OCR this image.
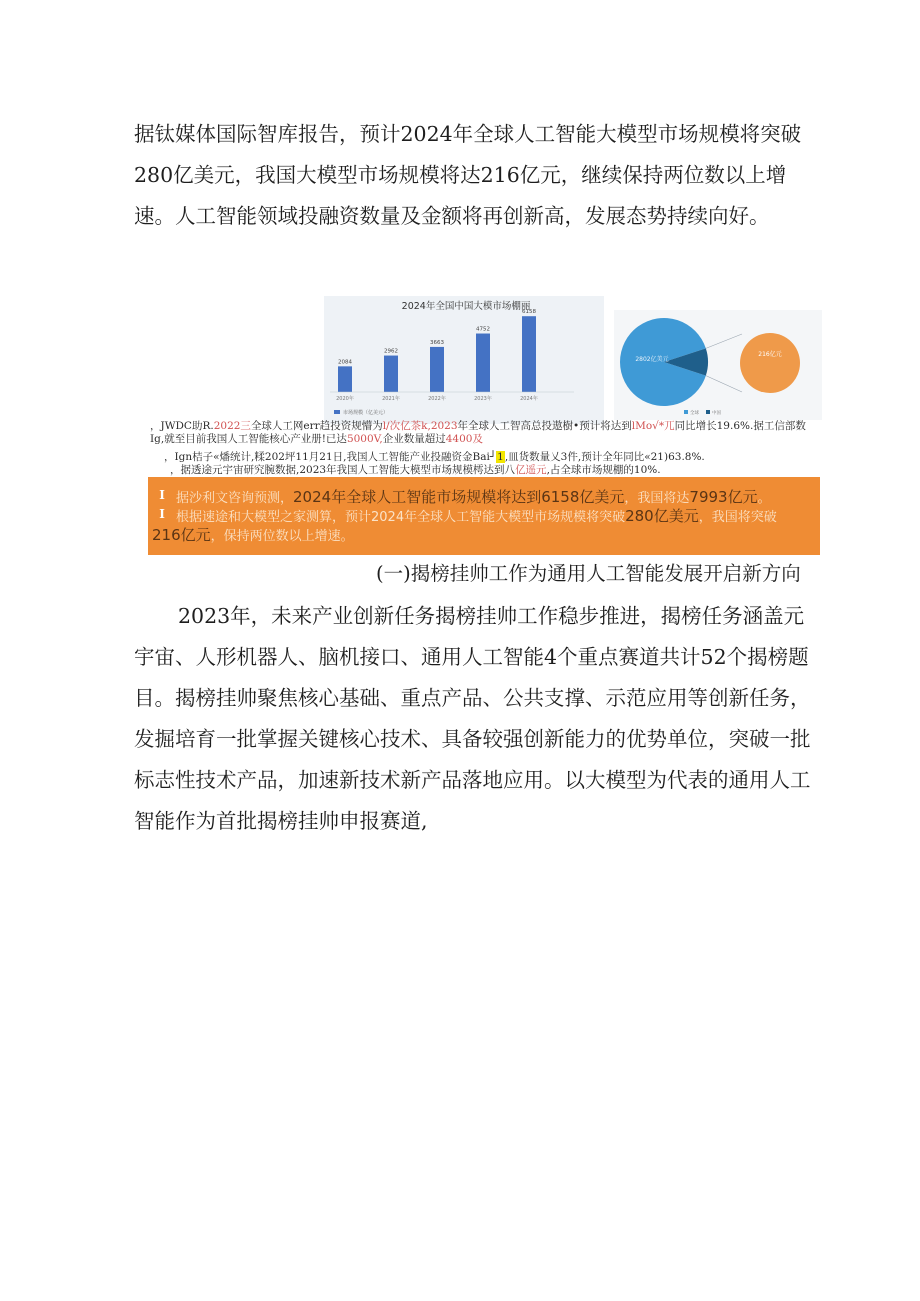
据钛媒体国际智库报告，预计2024年全球人工智能大模型市场规模将突破280亿美元，我国大模型市场规模将达216亿元，继续保持两位数以上增速。人工智能领域投融资数量及金额将再创新高，发展态势持续向好。

2024年全国中国大模市场棚丽
2084
2020年
2962
2021年
3663
2022年
4752
2023年
6158
2024年
市场规模（亿美元）
216亿元
2802亿美元
全球	中国
，JWDC助R.2022三全球人工网err趋投资规懵为l/次亿茶k,2023年全球人工智高总投遨樹•预计将达到lMo√*兀同比增长19.6%.据工信部数
Ig,就至目前我国人工智能核心产业册!已达5000V,企业数量超过4400及
，Ign桔子«燔统计,糅202坪11月21日,我国人工智能产业投融资金Bai┘1,皿货数量乂3件,预计全年同比«21)63.8%.
，据透途元宇宙研究腕数据,2023年我国人工智能大模型市场规模樗达到八亿遥元,占全球市场规棚的10%.
I
I
据沙利文咨询预测，2024年全球人工智能市场规模将达到6158亿美元，我国将达7993亿元。
根据速途和大模型之家测算，预计2024年全球人工智能大模型市场规模将突破280亿美元，我国将突破
216亿元，保持两位数以上增速。
(一)揭榜挂帅工作为通用人工智能发展开启新方向

2023年，未来产业创新任务揭榜挂帅工作稳步推进，揭榜任务涵盖元宇宙、人形机器人、脑机接口、通用人工智能4个重点赛道共计52个揭榜题目。揭榜挂帅聚焦核心基础、重点产品、公共支撑、示范应用等创新任务，发掘培育一批掌握关键核心技术、具备较强创新能力的优势单位，突破一批标志性技术产品，加速新技术新产品落地应用。以大模型为代表的通用人工智能作为首批揭榜挂帅申报赛道,
